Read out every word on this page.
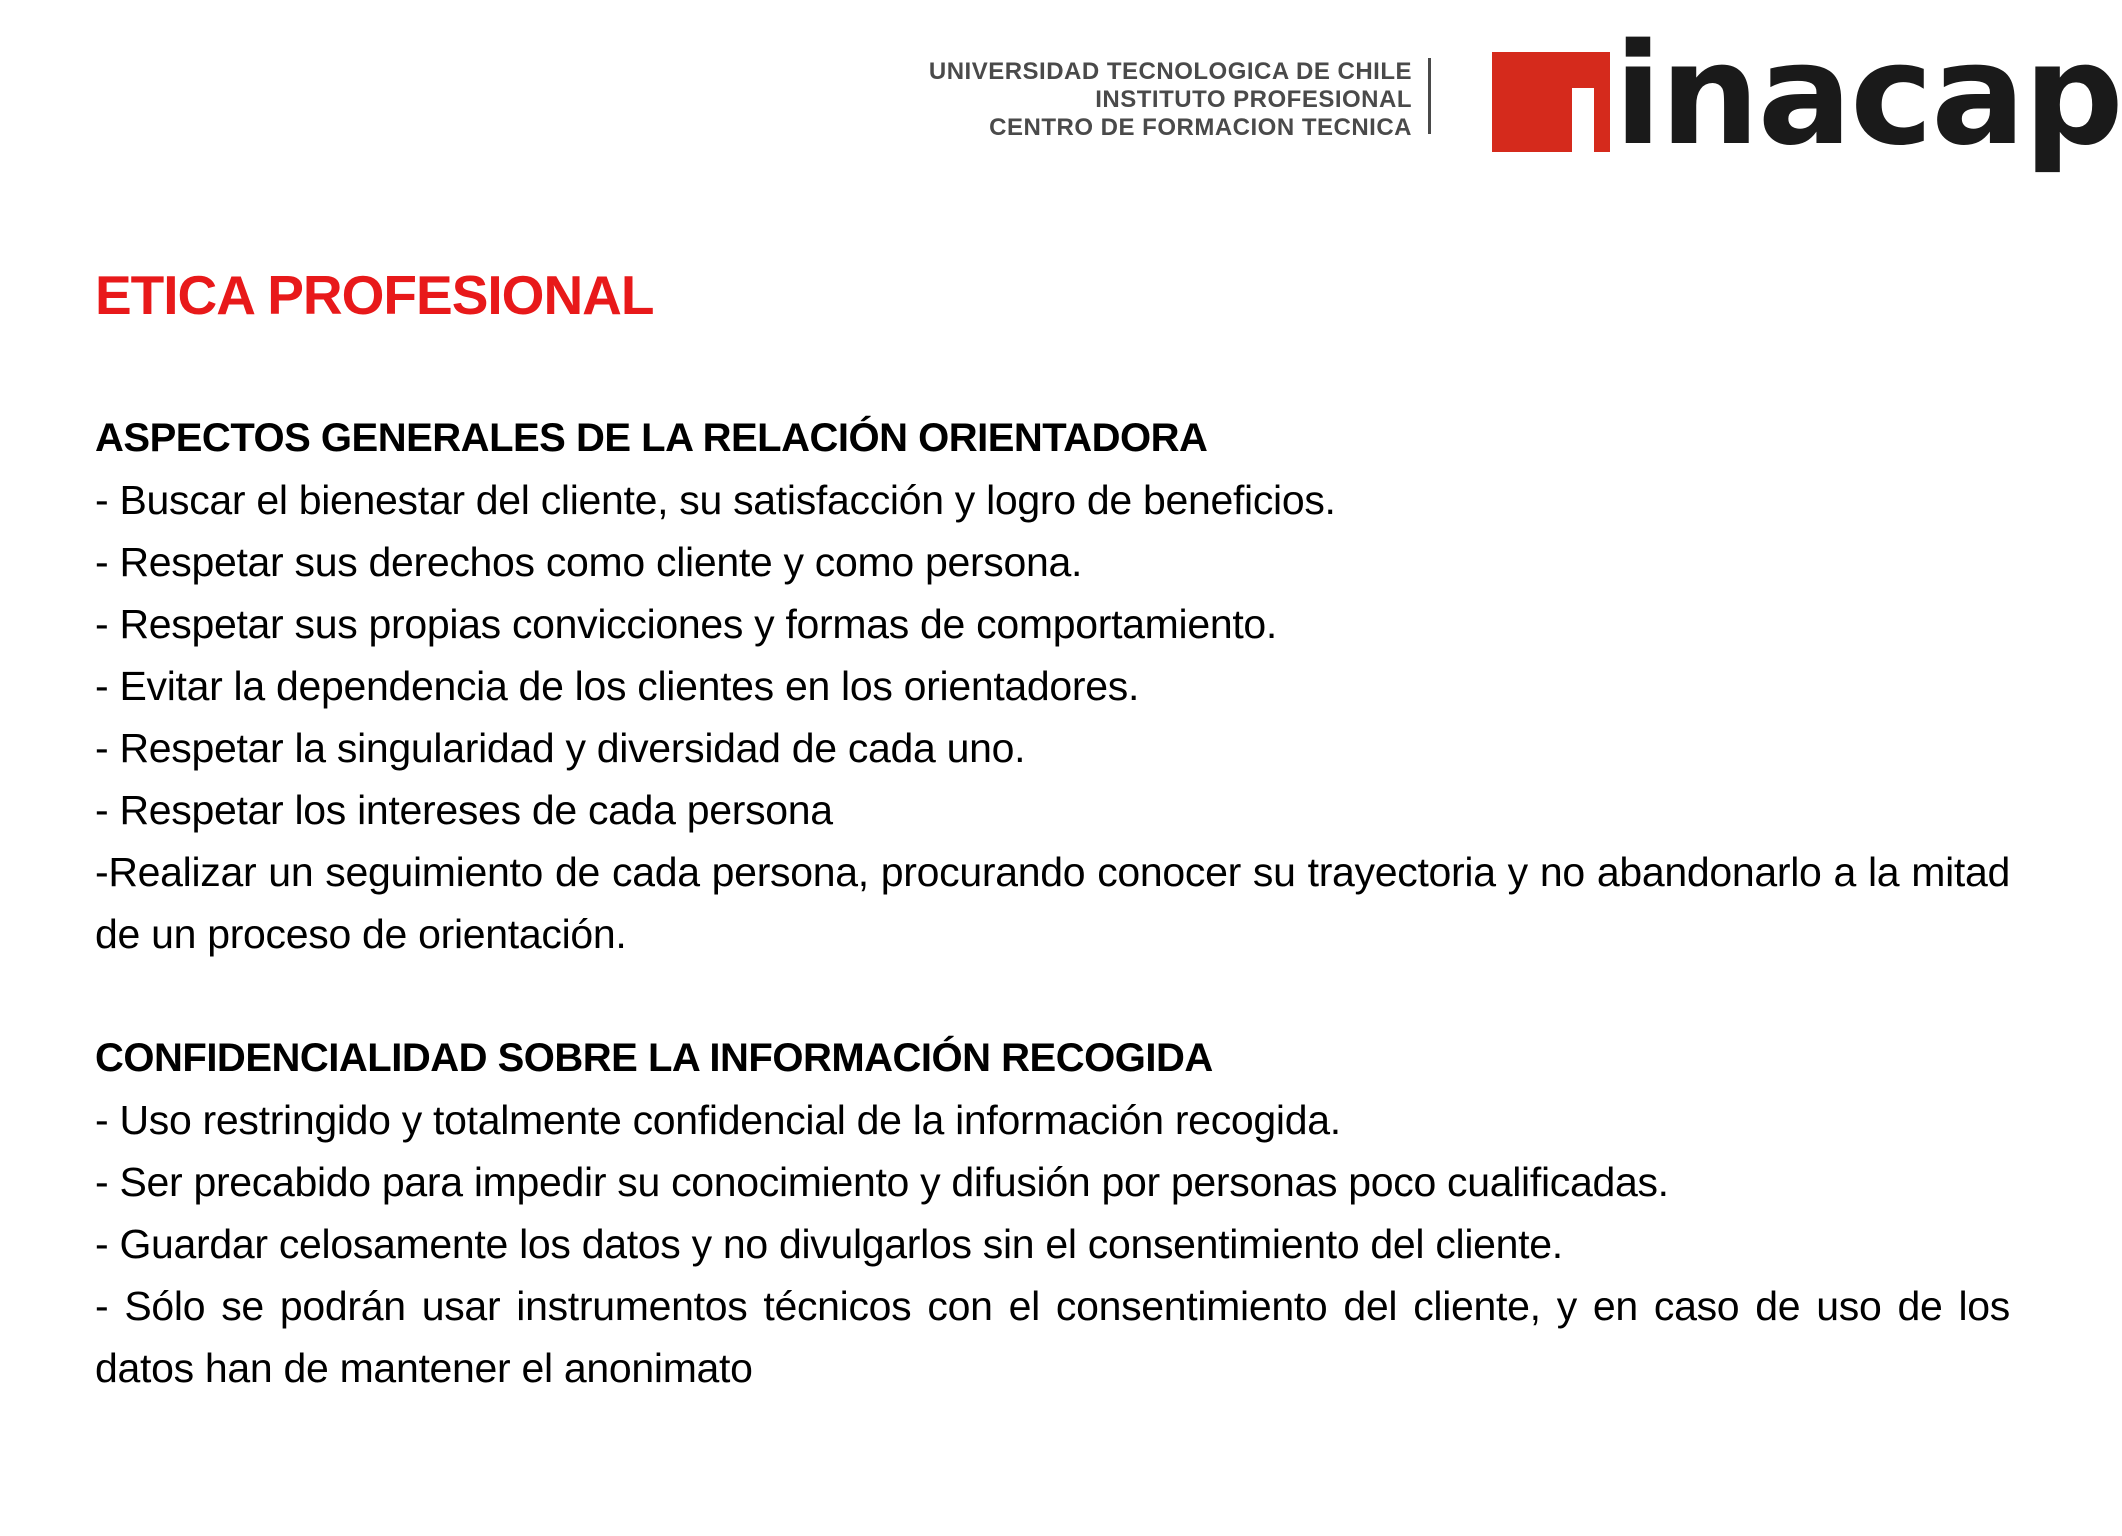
UNIVERSIDAD TECNOLOGICA DE CHILE
INSTITUTO PROFESIONAL
CENTRO DE FORMACION TECNICA inacap
ETICA PROFESIONAL

ASPECTOS GENERALES DE LA RELACIÓN ORIENTADORA

- Buscar el bienestar del cliente, su satisfacción y logro de beneficios.

- Respetar sus derechos como cliente y como persona.

- Respetar sus propias convicciones y formas de comportamiento.

- Evitar la dependencia de los clientes en los orientadores.

- Respetar la singularidad y diversidad de cada uno.

- Respetar los intereses de cada persona

-Realizar un seguimiento de cada persona, procurando conocer su trayectoria y no abandonarlo a la mitad de un proceso de orientación.

CONFIDENCIALIDAD SOBRE LA INFORMACIÓN RECOGIDA

- Uso restringido y totalmente confidencial de la información recogida.

- Ser precabido para impedir su conocimiento y difusión por personas poco cualificadas.

- Guardar celosamente los datos y no divulgarlos sin el consentimiento del cliente.

- Sólo se podrán usar instrumentos técnicos con el consentimiento del cliente, y en caso de uso de los datos han de mantener el anonimato
